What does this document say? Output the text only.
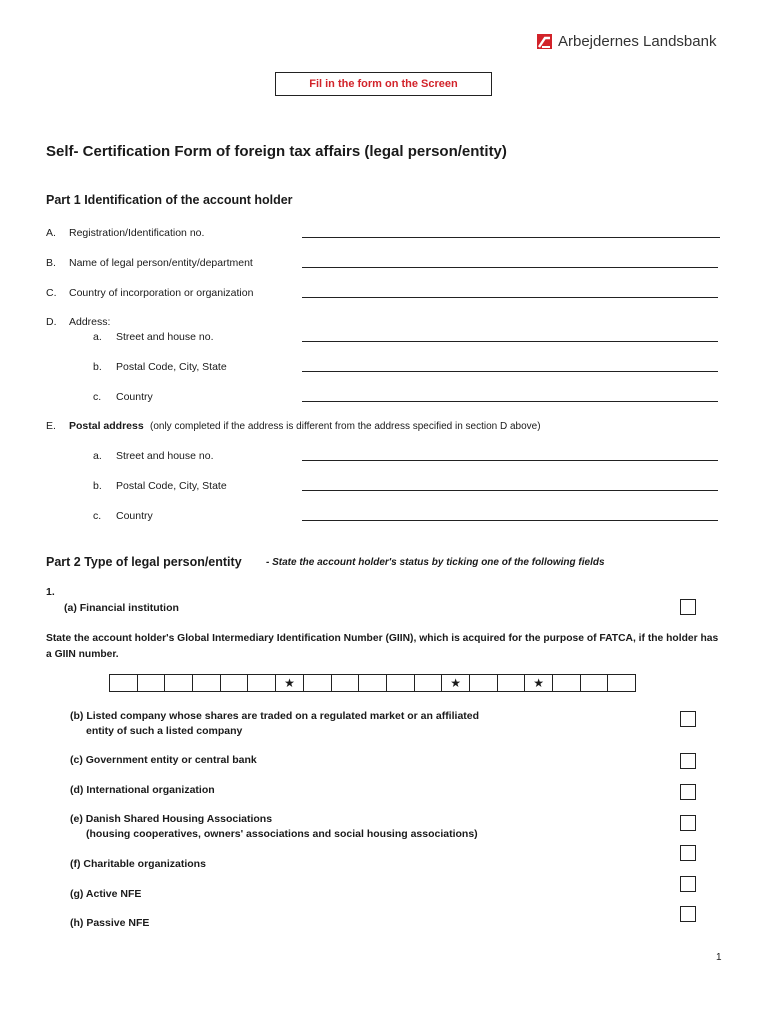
Arbejdernes Landsbank
Fil in the form on the Screen
Self- Certification Form of foreign tax affairs (legal person/entity)
Part 1 Identification of the account holder
A. Registration/Identification no.
B. Name of legal person/entity/department
C. Country of incorporation or organization
D. Address:
a. Street and house no.
b. Postal Code, City, State
c. Country
E. Postal address (only completed if the address is different from the address specified in section D above)
a. Street and house no.
b. Postal Code, City, State
c. Country
Part 2 Type of legal person/entity - State the account holder's status by ticking one of the following fields
1.
(a) Financial institution
State the account holder's Global Intermediary Identification Number (GIIN), which is acquired for the purpose of FATCA, if the holder has a GIIN number.
★	★	★
(b) Listed company whose shares are traded on a regulated market or an affiliated
entity of such a listed company
(c) Government entity or central bank
(d) International organization
(e) Danish Shared Housing Associations
(housing cooperatives, owners' associations and social housing associations)
(f) Charitable organizations
(g) Active NFE
(h) Passive NFE
1
